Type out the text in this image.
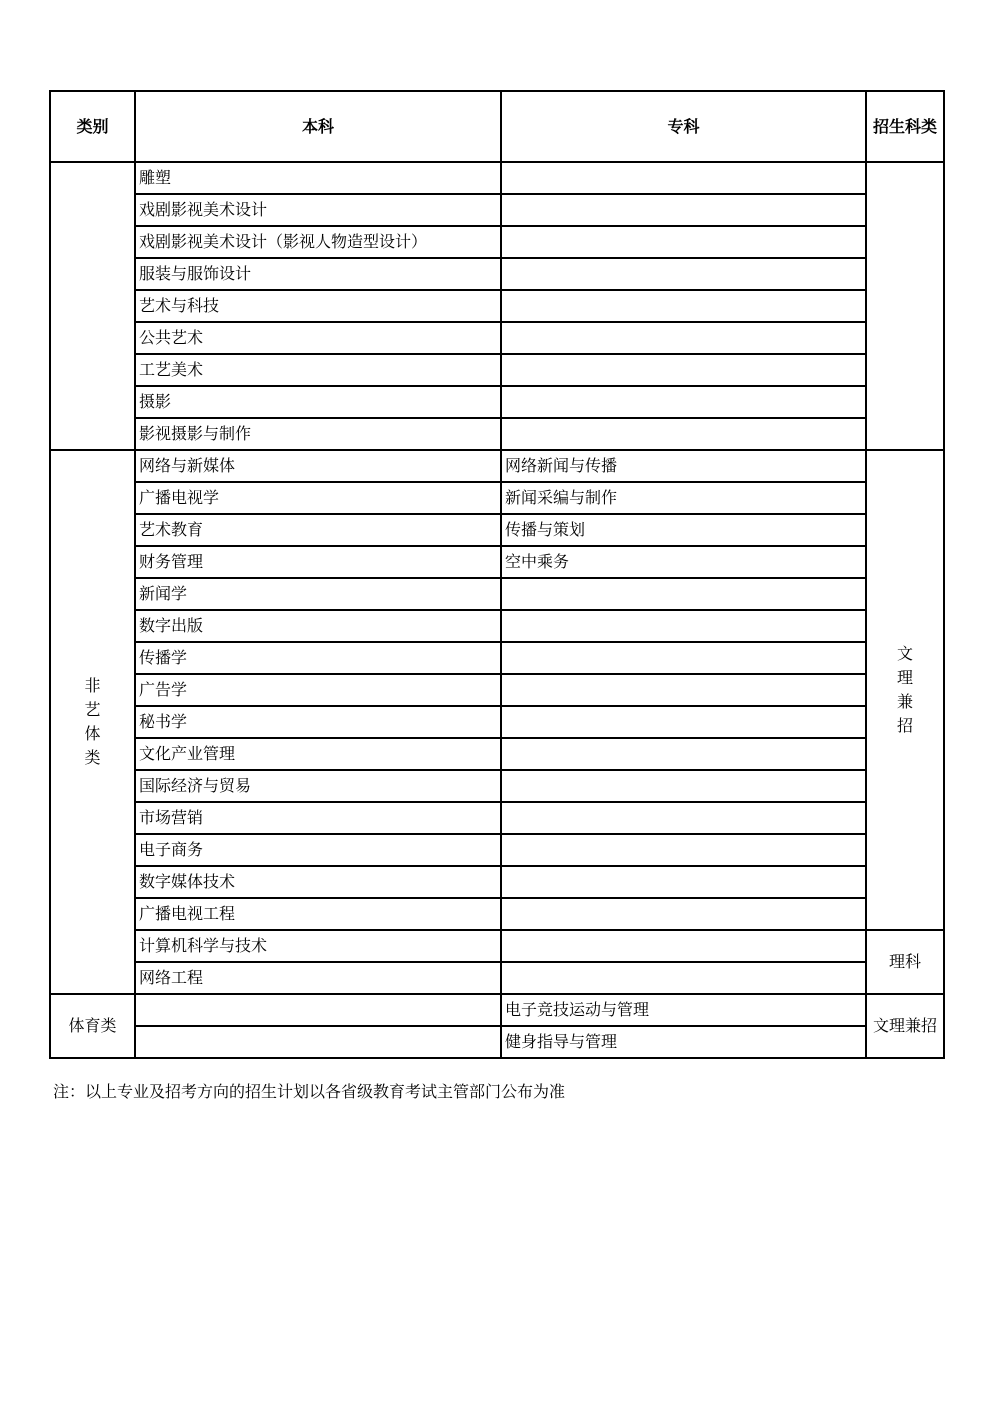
类别	本科	专科	招生科类
	雕塑		
	戏剧影视美术设计		
	戏剧影视美术设计（影视人物造型设计）		
	服装与服饰设计		
	艺术与科技		
	公共艺术		
	工艺美术		
	摄影		
	影视摄影与制作		

非
艺
体
类	网络与新媒体	网络新闻与传播	文
理
兼
招

	广播电视学	新闻采编与制作	
	艺术教育	传播与策划	
	财务管理	空中乘务	
	新闻学		
	数字出版		
	传播学		
	广告学		
	秘书学		
	文化产业管理		
	国际经济与贸易		
	市场营销		
	电子商务		
	数字媒体技术		
	广播电视工程		
	计算机科学与技术		理科
	网络工程		
体育类		电子竞技运动与管理	文理兼招
		健身指导与管理	
注：以上专业及招考方向的招生计划以各省级教育考试主管部门公布为准
